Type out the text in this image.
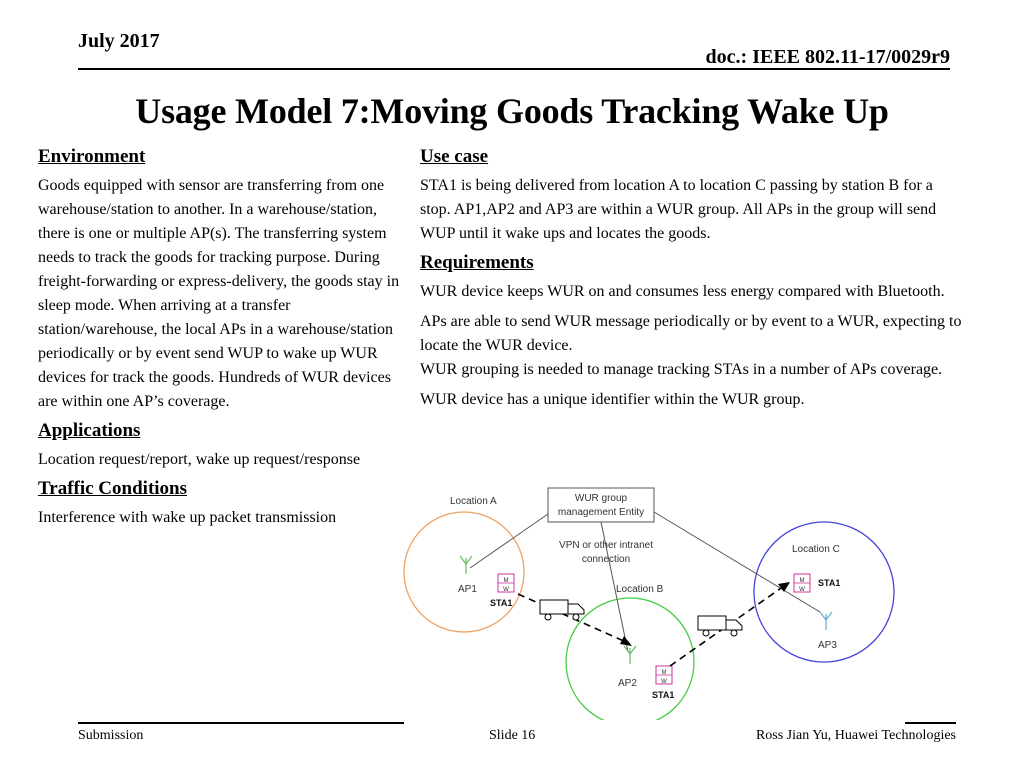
July 2017
doc.: IEEE 802.11-17/0029r9
Usage Model 7:Moving Goods Tracking Wake Up
Environment
Goods equipped with sensor are transferring from one warehouse/station to another. In a warehouse/station, there is one or multiple AP(s). The transferring system needs to track the goods for tracking purpose. During freight-forwarding or express-delivery, the goods stay in sleep mode. When arriving at a transfer station/warehouse, the local APs in a warehouse/station periodically or by event send WUP to wake up WUR devices for track the goods. Hundreds of WUR devices are within one AP’s coverage.
Applications
Location request/report, wake up request/response
Traffic Conditions
Interference with wake up packet transmission
Use case
STA1 is being delivered from location A to location C passing by station B for a stop. AP1,AP2 and AP3 are within a WUR group. All APs in the group will send WUP until it wake ups and locates the goods.
Requirements
WUR device keeps WUR on and consumes less energy compared with Bluetooth.
APs are able to send WUR message periodically or by event to a WUR, expecting to locate the WUR device.
WUR grouping is needed to manage tracking STAs in a number of APs coverage.
WUR device has a unique identifier within the WUR group.
WUR group
management Entity
VPN or other intranet
connection
Location A
Location B
Location C
AP1
AP2
AP3
M
W
STA1
M
W
STA1
M
W
STA1
Submission	Slide 16	Ross Jian Yu, Huawei Technologies
